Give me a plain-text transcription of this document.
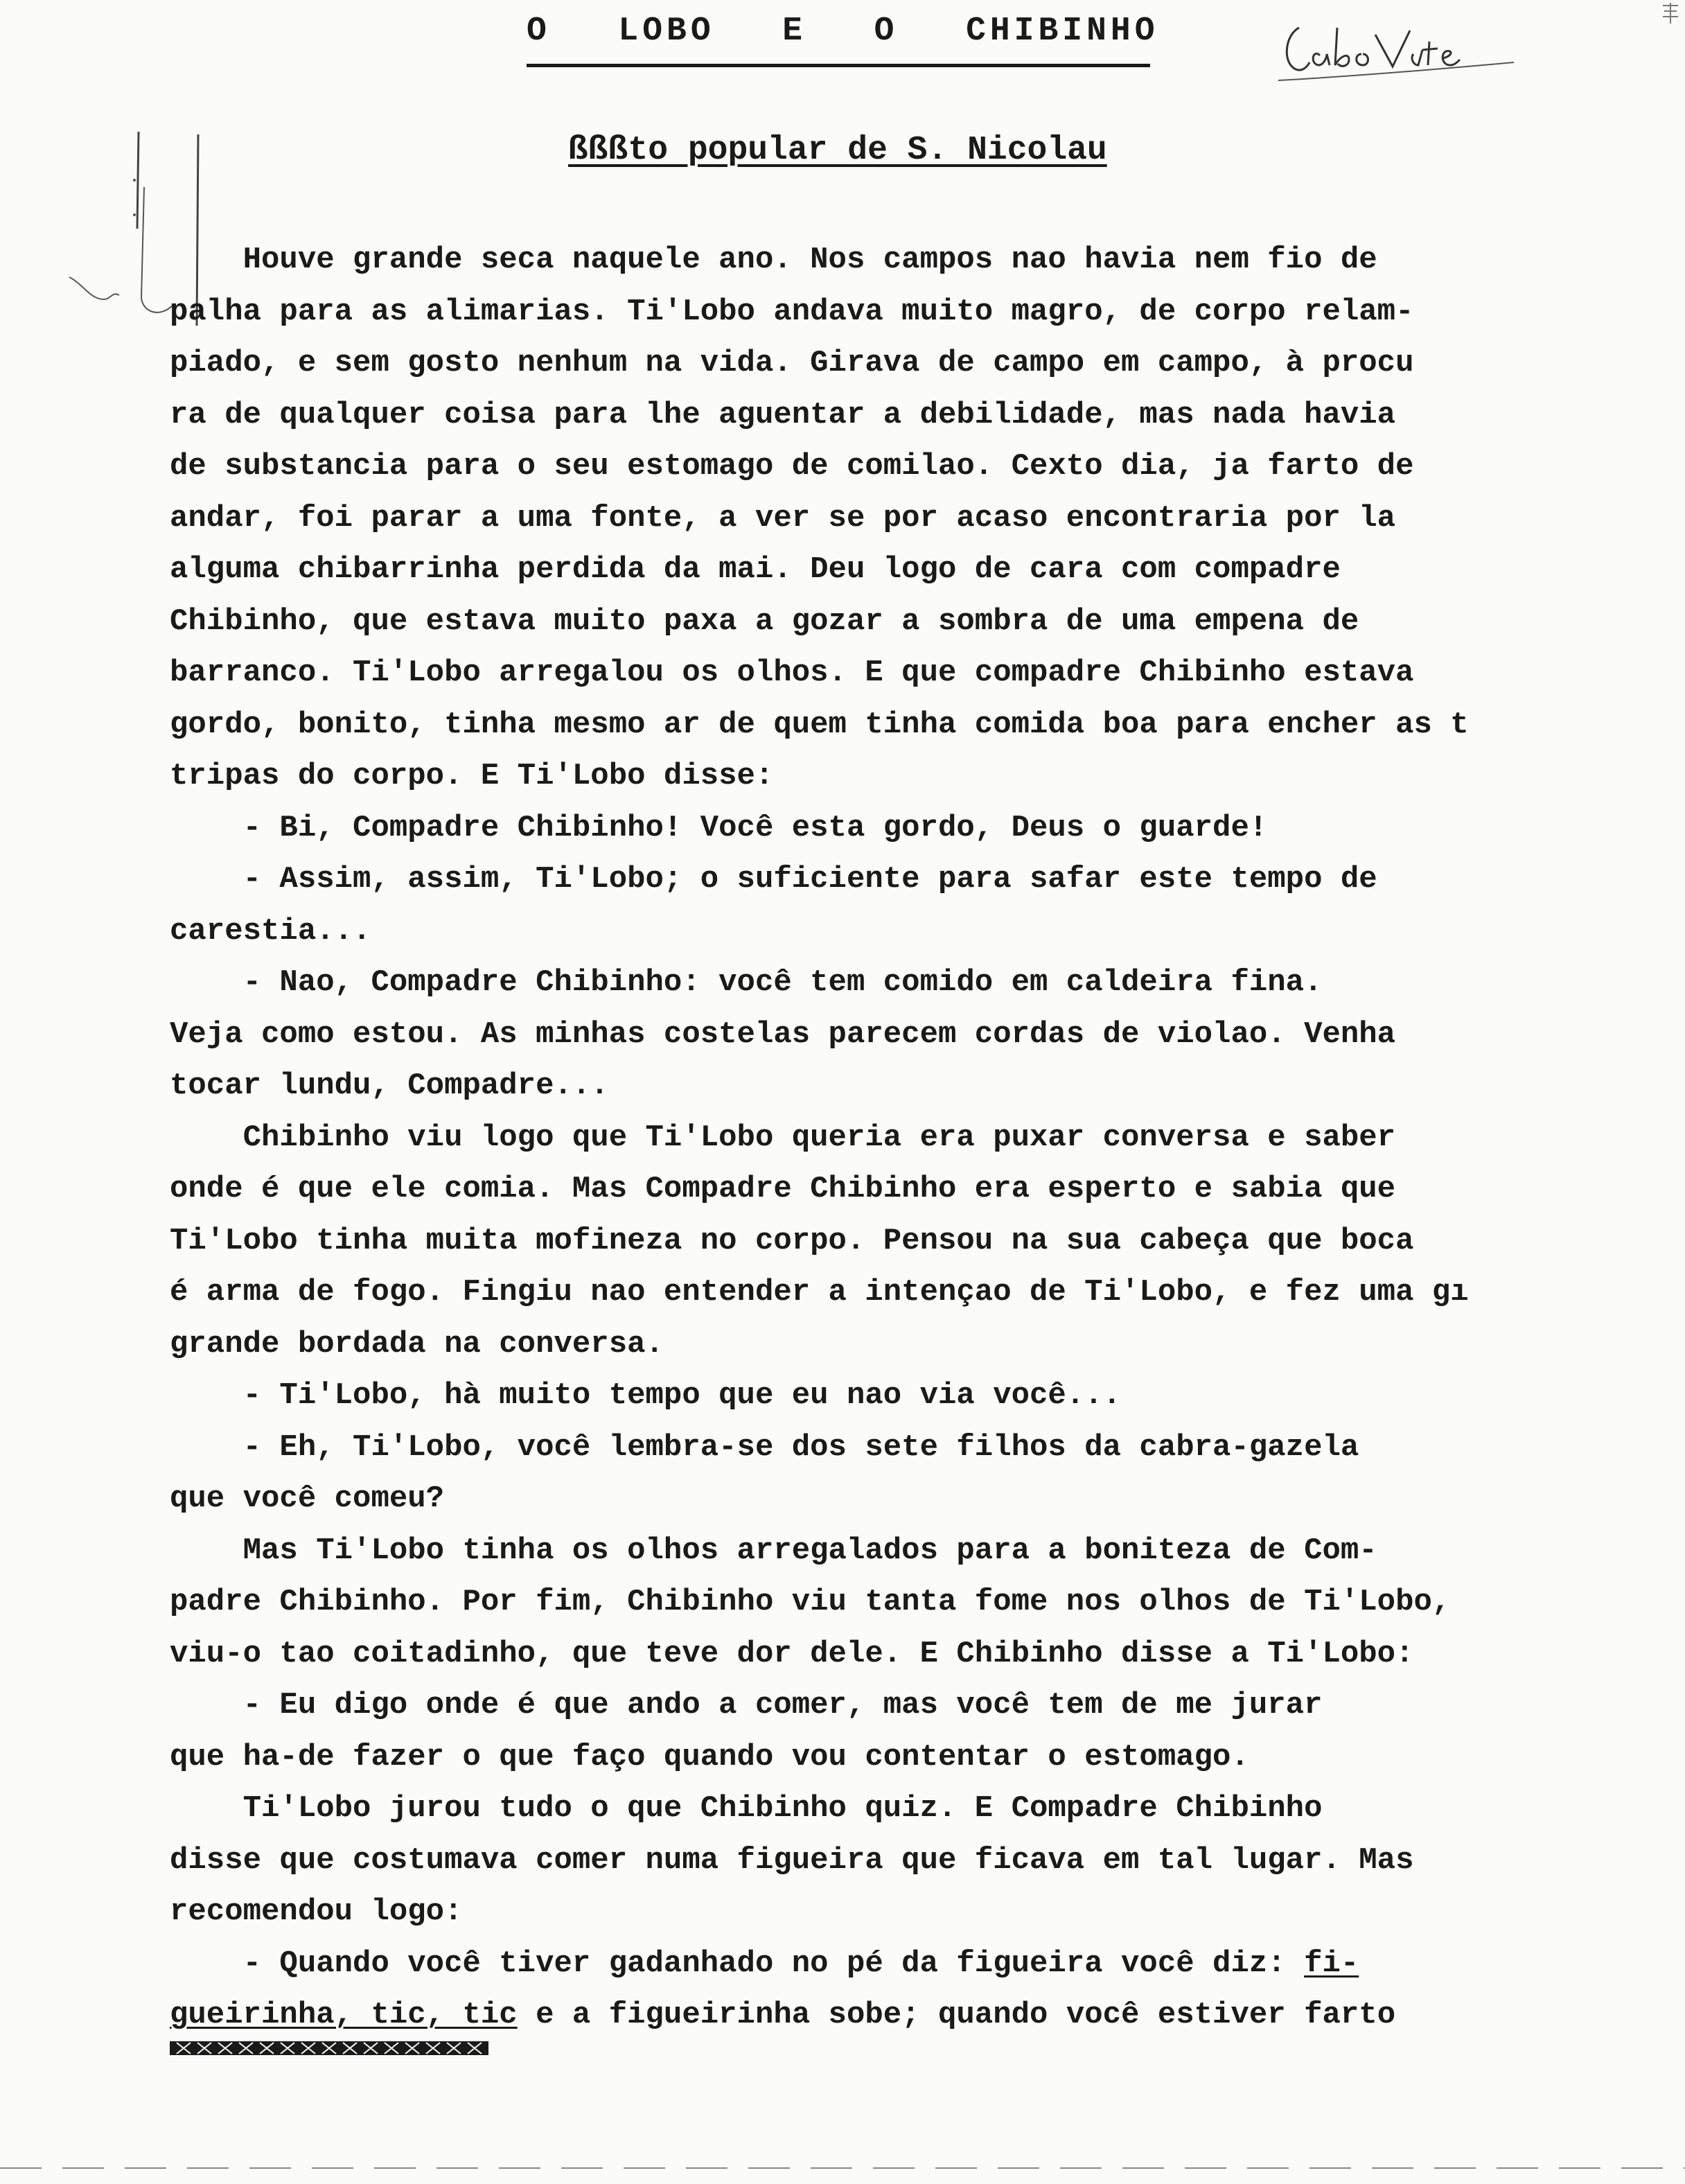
O  LOBO  E  O  CHIBINHO
ßßßto popular de S. Nicolau
Houve grande seca naquele ano. Nos campos nao havia nem fio de
palha para as alimarias. Ti'Lobo andava muito magro, de corpo relam-
piado, e sem gosto nenhum na vida. Girava de campo em campo, à procu
ra de qualquer coisa para lhe aguentar a debilidade, mas nada havia
de substancia para o seu estomago de comilao. Cexto dia, ja farto de
andar, foi parar a uma fonte, a ver se por acaso encontraria por la
alguma chibarrinha perdida da mai. Deu logo de cara com compadre
Chibinho, que estava muito paxa a gozar a sombra de uma empena de
barranco. Ti'Lobo arregalou os olhos. E que compadre Chibinho estava
gordo, bonito, tinha mesmo ar de quem tinha comida boa para encher as t
tripas do corpo. E Ti'Lobo disse:
- Bi, Compadre Chibinho! Você esta gordo, Deus o guarde!
- Assim, assim, Ti'Lobo; o suficiente para safar este tempo de
carestia...
- Nao, Compadre Chibinho: você tem comido em caldeira fina.
Veja como estou. As minhas costelas parecem cordas de violao. Venha
tocar lundu, Compadre...
Chibinho viu logo que Ti'Lobo queria era puxar conversa e saber
onde é que ele comia. Mas Compadre Chibinho era esperto e sabia que
Ti'Lobo tinha muita mofineza no corpo. Pensou na sua cabeça que boca
é arma de fogo. Fingiu nao entender a intençao de Ti'Lobo, e fez uma gı
grande bordada na conversa.
- Ti'Lobo, hà muito tempo que eu nao via você...
- Eh, Ti'Lobo, você lembra-se dos sete filhos da cabra-gazela
que você comeu?
Mas Ti'Lobo tinha os olhos arregalados para a boniteza de Com-
padre Chibinho. Por fim, Chibinho viu tanta fome nos olhos de Ti'Lobo,
viu-o tao coitadinho, que teve dor dele. E Chibinho disse a Ti'Lobo:
- Eu digo onde é que ando a comer, mas você tem de me jurar
que ha-de fazer o que faço quando vou contentar o estomago.
Ti'Lobo jurou tudo o que Chibinho quiz. E Compadre Chibinho
disse que costumava comer numa figueira que ficava em tal lugar. Mas
recomendou logo:
- Quando você tiver gadanhado no pé da figueira você diz: fi-
gueirinha, tic, tic e a figueirinha sobe; quando você estiver farto
